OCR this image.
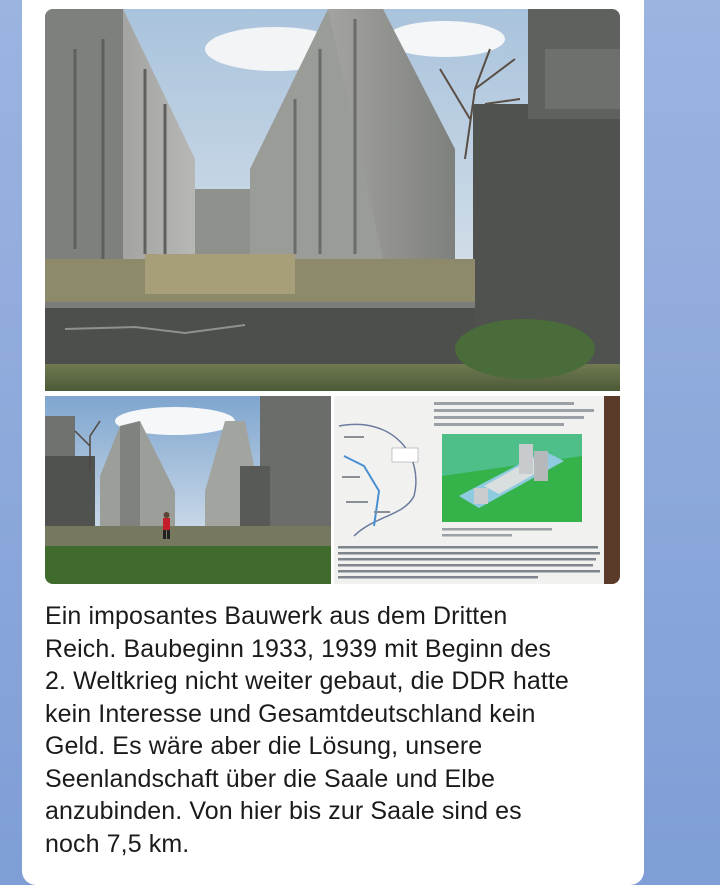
Ein imposantes Bauwerk aus dem Dritten
Reich. Baubeginn 1933, 1939 mit Beginn des
2. Weltkrieg nicht weiter gebaut, die DDR hatte
kein Interesse und Gesamtdeutschland kein
Geld. Es wäre aber die Lösung, unsere
Seenlandschaft über die Saale und Elbe
anzubinden. Von hier bis zur Saale sind es
noch 7,5 km.
